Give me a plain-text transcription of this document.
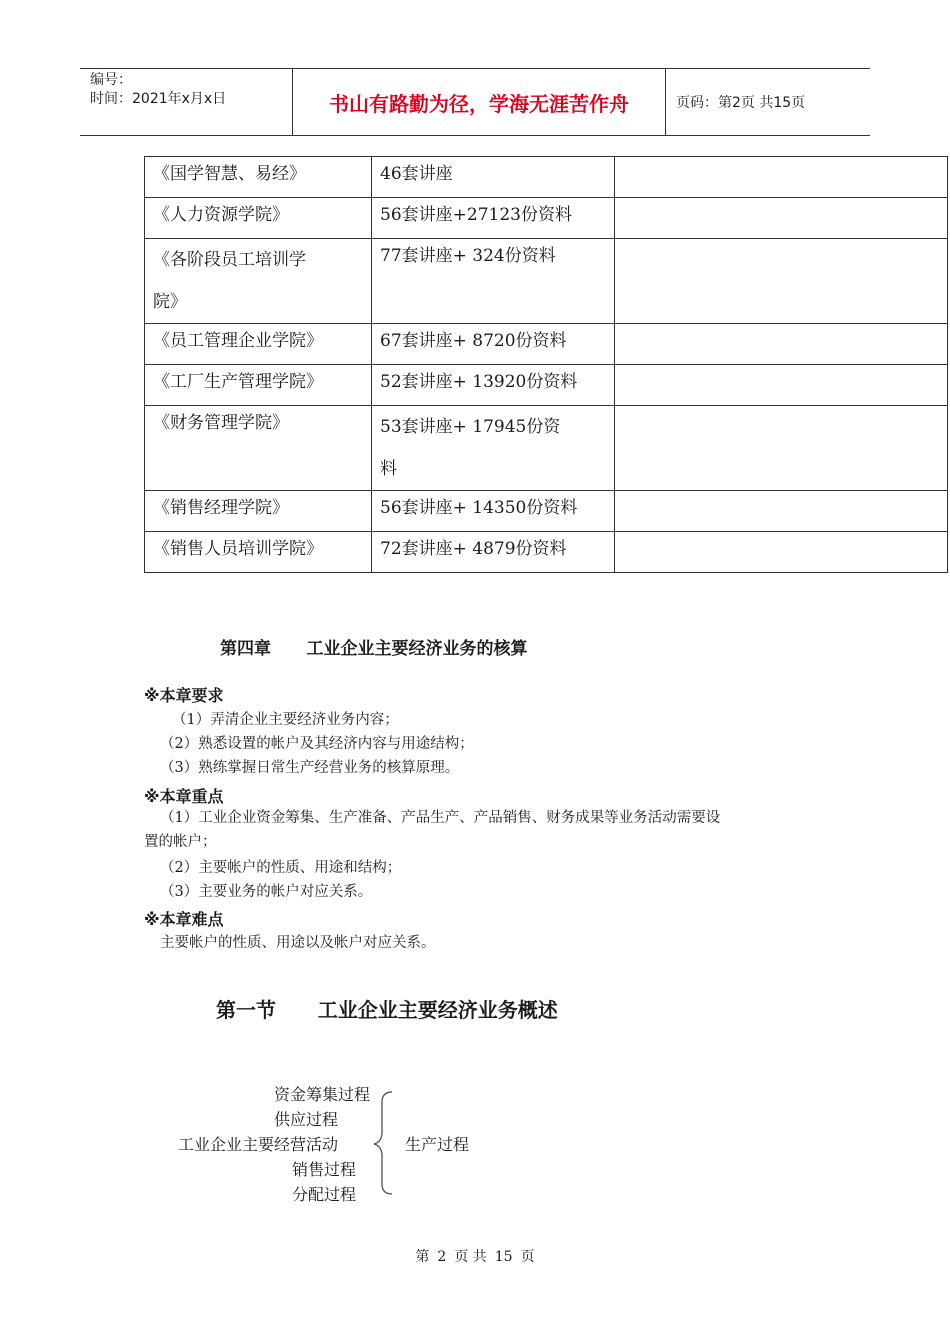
编号：
时间：2021年x月x日	书山有路勤为径，学海无涯苦作舟	页码：第2页 共15页
《国学智慧、易经》	46套讲座	
《人力资源学院》	56套讲座+27123份资料	

《各阶段员工培训学
院》	77套讲座+ 324份资料	
《员工管理企业学院》	67套讲座+ 8720份资料	
《工厂生产管理学院》	52套讲座+ 13920份资料	
《财务管理学院》	53套讲座+ 17945份资
料	

《销售经理学院》	56套讲座+ 14350份资料	
《销售人员培训学院》	72套讲座+ 4879份资料	
第四章      工业企业主要经济业务的核算
※本章要求
（1）弄清企业主要经济业务内容；
（2）熟悉设置的帐户及其经济内容与用途结构；
（3）熟练掌握日常生产经营业务的核算原理。
※本章重点
（1）工业企业资金筹集、生产准备、产品生产、产品销售、财务成果等业务活动需要设
置的帐户；
（2）主要帐户的性质、用途和结构；
（3）主要业务的帐户对应关系。
※本章难点
主要帐户的性质、用途以及帐户对应关系。
第一节      工业企业主要经济业务概述
资金筹集过程
供应过程
工业企业主要经营活动
销售过程
分配过程
生产过程
第 2 页 共 15 页
